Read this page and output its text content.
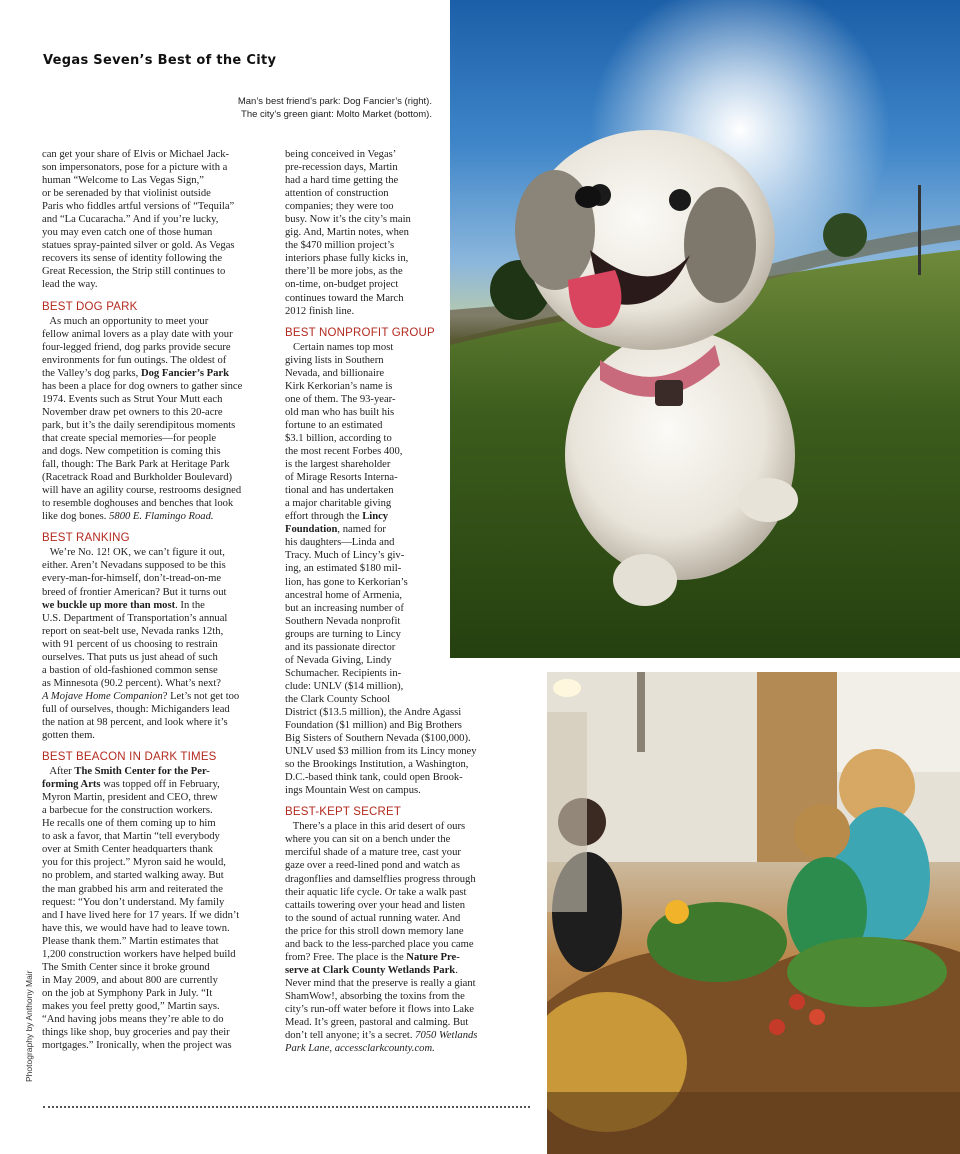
Vegas Seven’s Best of the City
Man’s best friend’s park: Dog Fancier’s (right).
The city’s green giant: Molto Market (bottom).
can get your share of Elvis or Michael Jack-
son impersonators, pose for a picture with a
human “Welcome to Las Vegas Sign,”
or be serenaded by that violinist outside
Paris who fiddles artful versions of “Tequila”
and “La Cucaracha.” And if you’re lucky,
you may even catch one of those human
statues spray-painted silver or gold. As Vegas
recovers its sense of identity following the
Great Recession, the Strip still continues to
lead the way.
BEST DOG PARK
As much an opportunity to meet your
fellow animal lovers as a play date with your
four-legged friend, dog parks provide secure
environments for fun outings. The oldest of
the Valley’s dog parks, Dog Fancier’s Park
has been a place for dog owners to gather since
1974. Events such as Strut Your Mutt each
November draw pet owners to this 20-acre
park, but it’s the daily serendipitous moments
that create special memories—for people
and dogs. New competition is coming this
fall, though: The Bark Park at Heritage Park
(Racetrack Road and Burkholder Boulevard)
will have an agility course, restrooms designed
to resemble doghouses and benches that look
like dog bones. 5800 E. Flamingo Road.
BEST RANKING
We’re No. 12! OK, we can’t figure it out,
either. Aren’t Nevadans supposed to be this
every-man-for-himself, don’t-tread-on-me
breed of frontier American? But it turns out
we buckle up more than most. In the
U.S. Department of Transportation’s annual
report on seat-belt use, Nevada ranks 12th,
with 91 percent of us choosing to restrain
ourselves. That puts us just ahead of such
a bastion of old-fashioned common sense
as Minnesota (90.2 percent). What’s next?
A Mojave Home Companion? Let’s not get too
full of ourselves, though: Michiganders lead
the nation at 98 percent, and look where it’s
gotten them.
BEST BEACON IN DARK TIMES
After The Smith Center for the Per-
forming Arts was topped off in February,
Myron Martin, president and CEO, threw
a barbecue for the construction workers.
He recalls one of them coming up to him
to ask a favor, that Martin “tell everybody
over at Smith Center headquarters thank
you for this project.” Myron said he would,
no problem, and started walking away. But
the man grabbed his arm and reiterated the
request: “You don’t understand. My family
and I have lived here for 17 years. If we didn’t
have this, we would have had to leave town.
Please thank them.” Martin estimates that
1,200 construction workers have helped build
The Smith Center since it broke ground
in May 2009, and about 800 are currently
on the job at Symphony Park in July. “It
makes you feel pretty good,” Martin says.
“And having jobs means they’re able to do
things like shop, buy groceries and pay their
mortgages.” Ironically, when the project was
being conceived in Vegas’
pre-recession days, Martin
had a hard time getting the
attention of construction
companies; they were too
busy. Now it’s the city’s main
gig. And, Martin notes, when
the $470 million project’s
interiors phase fully kicks in,
there’ll be more jobs, as the
on-time, on-budget project
continues toward the March
2012 finish line.
BEST NONPROFIT GROUP
Certain names top most
giving lists in Southern
Nevada, and billionaire
Kirk Kerkorian’s name is
one of them. The 93-year-
old man who has built his
fortune to an estimated
$3.1 billion, according to
the most recent Forbes 400,
is the largest shareholder
of Mirage Resorts Interna-
tional and has undertaken
a major charitable giving
effort through the Lincy
Foundation, named for
his daughters—Linda and
Tracy. Much of Lincy’s giv-
ing, an estimated $180 mil-
lion, has gone to Kerkorian’s
ancestral home of Armenia,
but an increasing number of
Southern Nevada nonprofit
groups are turning to Lincy
and its passionate director
of Nevada Giving, Lindy
Schumacher. Recipients in-
clude: UNLV ($14 million),
the Clark County School
District ($13.5 million), the Andre Agassi
Foundation ($1 million) and Big Brothers
Big Sisters of Southern Nevada ($100,000).
UNLV used $3 million from its Lincy money
so the Brookings Institution, a Washington,
D.C.-based think tank, could open Brook-
ings Mountain West on campus.
BEST-KEPT SECRET
There’s a place in this arid desert of ours
where you can sit on a bench under the
merciful shade of a mature tree, cast your
gaze over a reed-lined pond and watch as
dragonflies and damselflies progress through
their aquatic life cycle. Or take a walk past
cattails towering over your head and listen
to the sound of actual running water. And
the price for this stroll down memory lane
and back to the less-parched place you came
from? Free. The place is the Nature Pre-
serve at Clark County Wetlands Park.
Never mind that the preserve is really a giant
ShamWow!, absorbing the toxins from the
city’s run-off water before it flows into Lake
Mead. It’s green, pastoral and calming. But
don’t tell anyone; it’s a secret. 7050 Wetlands
Park Lane, accessclarkcounty.com.
Photography by Anthony Mair
